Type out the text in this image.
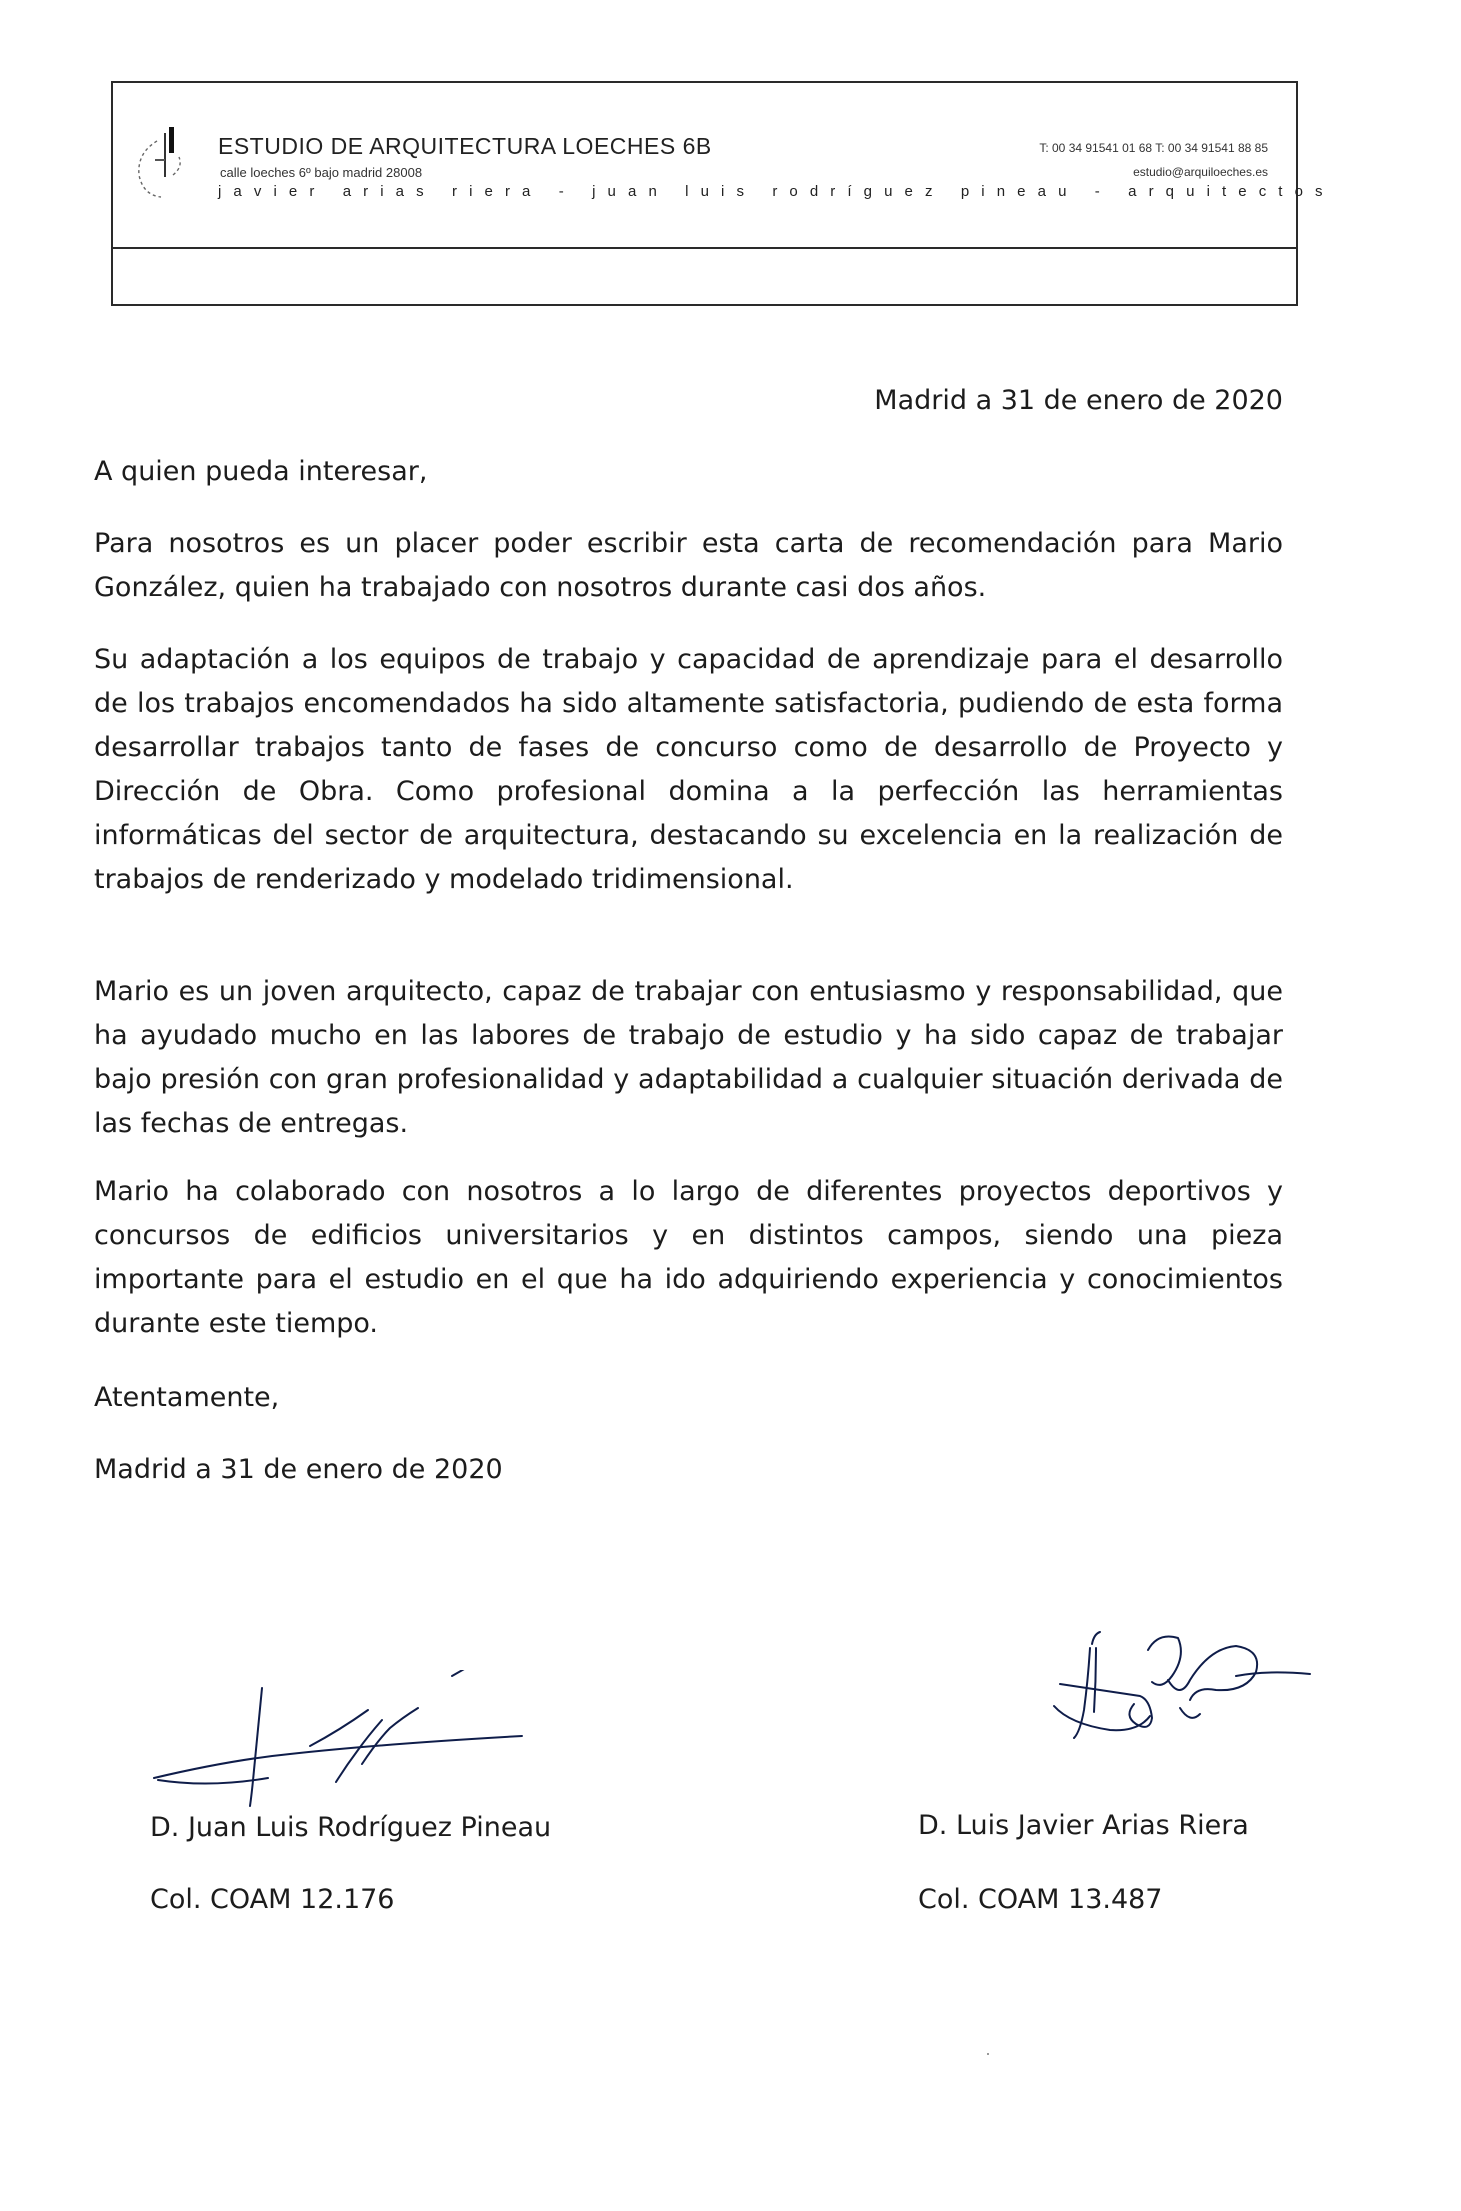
ESTUDIO DE ARQUITECTURA LOECHES 6B
calle loeches 6º bajo madrid 28008
T: 00 34 91541 01 68 T: 00 34 91541 88 85
estudio@arquiloeches.es
javier arias riera - juan luis rodríguez pineau - arquitectos
Madrid a 31 de enero de 2020
A quien pueda interesar,

Para nosotros es un placer poder escribir esta carta de recomendación para Mario González, quien ha trabajado con nosotros durante casi dos años.

Su adaptación a los equipos de trabajo y capacidad de aprendizaje para el desarrollo de los trabajos encomendados ha sido altamente satisfactoria, pudiendo de esta forma desarrollar trabajos tanto de fases de concurso como de desarrollo de Proyecto y Dirección de Obra. Como profesional domina a la perfección las herramientas informáticas del sector de arquitectura, destacando su excelencia en la realización de trabajos de renderizado y modelado tridimensional.

Mario es un joven arquitecto, capaz de trabajar con entusiasmo y responsabilidad, que ha ayudado mucho en las labores de trabajo de estudio y ha sido capaz de trabajar bajo presión con gran profesionalidad y adaptabilidad a cualquier situación derivada de las fechas de entregas.

Mario ha colaborado con nosotros a lo largo de diferentes proyectos deportivos y concursos de edificios universitarios y en distintos campos, siendo una pieza importante para el estudio en el que ha ido adquiriendo experiencia y conocimientos durante este tiempo.

Atentamente,
Madrid a 31 de enero de 2020
D. Juan Luis Rodríguez Pineau
Col. COAM 12.176
D. Luis Javier Arias Riera
Col. COAM 13.487
